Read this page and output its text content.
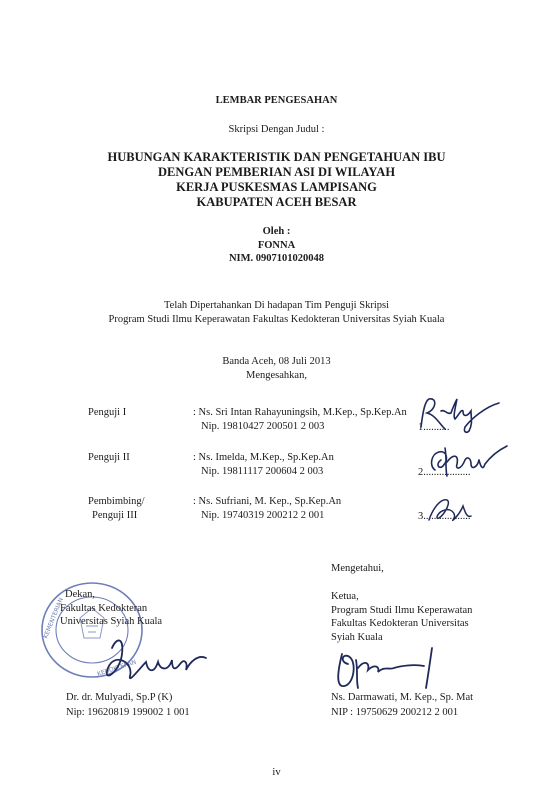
LEMBAR PENGESAHAN
Skripsi Dengan Judul :
HUBUNGAN KARAKTERISTIK DAN PENGETAHUAN IBU
DENGAN PEMBERIAN ASI DI WILAYAH
KERJA PUSKESMAS LAMPISANG
KABUPATEN ACEH BESAR
Oleh :
FONNA
NIM. 0907101020048
Telah Dipertahankan Di hadapan Tim Penguji Skripsi
Program Studi Ilmu Keperawatan Fakultas Kedokteran Universitas Syiah Kuala
Banda Aceh, 08 Juli 2013
Mengesahkan,
Penguji I	: Ns. Sri Intan Rahayuningsih, M.Kep., Sp.Kep.An
Nip. 19810427 200501 2 003	1..........
Penguji II	: Ns. Imelda, M.Kep., Sp.Kep.An
Nip. 19811117 200604 2 003	2..................
Pembimbing/
Penguji III
: Ns. Sufriani, M. Kep., Sp.Kep.An
Nip. 19740319 200212 2 001	3..................
Mengetahui,
KEMENTERIAN
KEDOKTERAN
Dekan,
Fakultas Kedokteran
Universitas Syiah Kuala
Dr. dr. Mulyadi, Sp.P (K)
Nip: 19620819 199002 1 001
Ketua,
Program Studi Ilmu Keperawatan
Fakultas Kedokteran Universitas
Syiah Kuala
Ns. Darmawati, M. Kep., Sp. Mat
NIP : 19750629 200212 2 001
iv
